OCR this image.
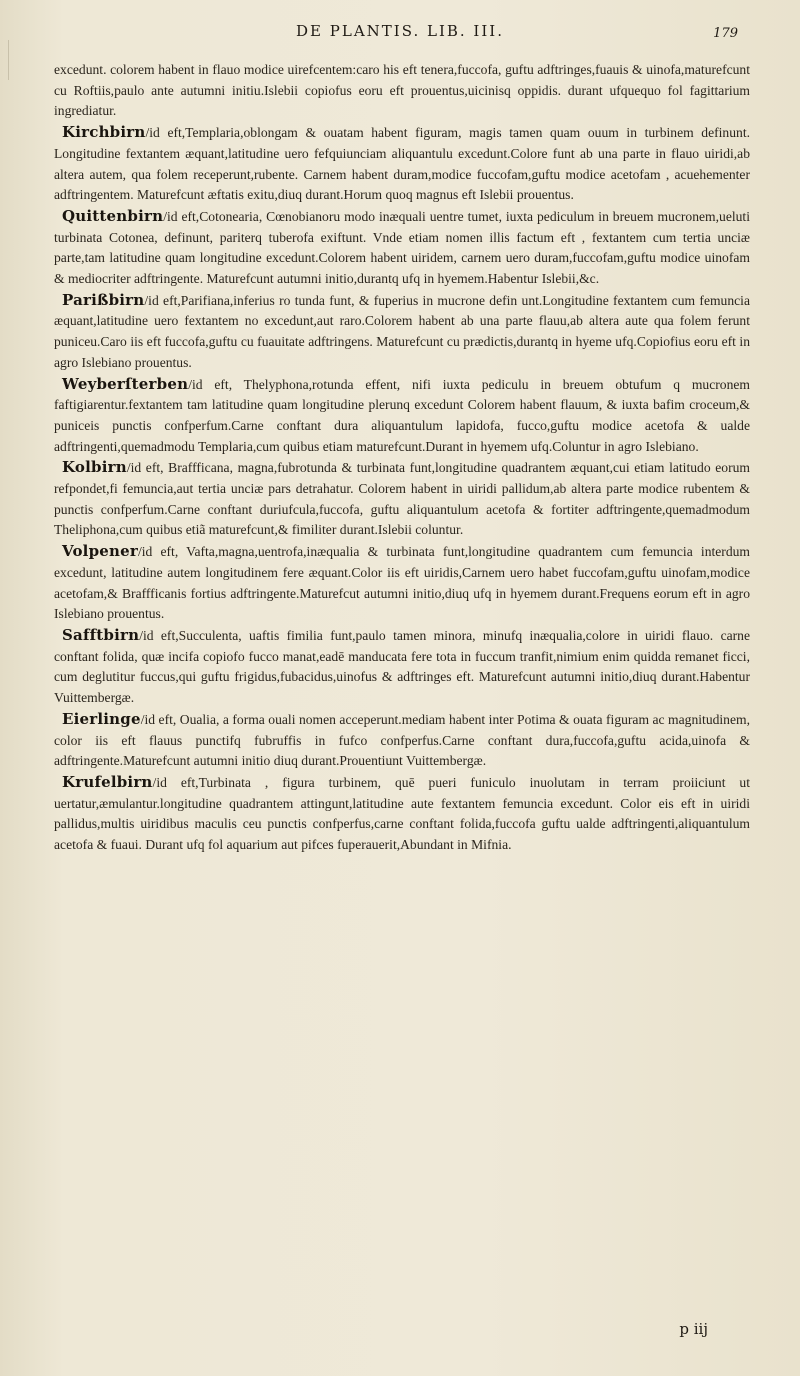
DE PLANTIS. LIB. III.	179

excedunt. colorem habent in flauo modice uirefcentem:caro his eft tenera,fuccofa, guftu adftringes,fuauis & uinofa,maturefcunt cu Roftiis,paulo ante autumni initiu.Islebii copiofus eoru eft prouentus,uicinisq oppidis. durant ufquequo fol fagittarium ingrediatur.

Kirchbirn/id eft,Templaria,oblongam & ouatam habent figuram, magis tamen quam ouum in turbinem definunt. Longitudine fextantem æquant,latitudine uero fefquiunciam aliquantulu excedunt.Colore funt ab una parte in flauo uiridi,ab altera autem, qua folem receperunt,rubente. Carnem habent duram,modice fuccofam,guftu modice acetofam , acuehementer adftringentem. Maturefcunt æftatis exitu,diuq durant.Horum quoq magnus eft Islebii prouentus.

Quittenbirn/id eft,Cotonearia, Cœnobianoru modo inæquali uentre tumet, iuxta pediculum in breuem mucronem,ueluti turbinata Cotonea, definunt, pariterq tuberofa exiftunt. Vnde etiam nomen illis factum eft , fextantem cum tertia unciæ parte,tam latitudine quam longitudine excedunt.Colorem habent uiridem, carnem uero duram,fuccofam,guftu modice uinofam & mediocriter adftringente. Maturefcunt autumni initio,durantq ufq in hyemem.Habentur Islebii,&c.

Parißbirn/id eft,Parifiana,inferius ro tunda funt, & fuperius in mucrone defin unt.Longitudine fextantem cum femuncia æquant,latitudine uero fextantem no excedunt,aut raro.Colorem habent ab una parte flauu,ab altera aute qua folem ferunt puniceu.Caro iis eft fuccofa,guftu cu fuauitate adftringens. Maturefcunt cu prædictis,durantq in hyeme ufq.Copiofius eoru eft in agro Islebiano prouentus.

Weyberſterben/id eft, Thelyphona,rotunda effent, nifi iuxta pediculu in breuem obtufum q mucronem faftigiarentur.fextantem tam latitudine quam longitudine plerunq excedunt Colorem habent flauum, & iuxta bafim croceum,& puniceis punctis confperfum.Carne conftant dura aliquantulum lapidofa, fucco,guftu modice acetofa & ualde adftringenti,quemadmodu Templaria,cum quibus etiam maturefcunt.Durant in hyemem ufq.Coluntur in agro Islebiano.

Kolbirn/id eft, Braffficana, magna,fubrotunda & turbinata funt,longitudine quadrantem æquant,cui etiam latitudo eorum refpondet,fi femuncia,aut tertia unciæ pars detrahatur. Colorem habent in uiridi pallidum,ab altera parte modice rubentem & punctis confperfum.Carne conftant duriufcula,fuccofa, guftu aliquantulum acetofa & fortiter adftringente,quemadmodum Theliphona,cum quibus etiã maturefcunt,& fimiliter durant.Islebii coluntur.

Volpener/id eft, Vafta,magna,uentrofa,inæqualia & turbinata funt,longitudine quadrantem cum femuncia interdum excedunt, latitudine autem longitudinem fere æquant.Color iis eft uiridis,Carnem uero habet fuccofam,guftu uinofam,modice acetofam,& Braffficanis fortius adftringente.Maturefcut autumni initio,diuq ufq in hyemem durant.Frequens eorum eft in agro Islebiano prouentus.

Safftbirn/id eft,Succulenta, uaftis fimilia funt,paulo tamen minora, minufq inæqualia,colore in uiridi flauo. carne conftant folida, quæ incifa copiofo fucco manat,eadē manducata fere tota in fuccum tranfit,nimium enim quidda remanet ficci, cum deglutitur fuccus,qui guftu frigidus,fubacidus,uinofus & adftringes eft. Maturefcunt autumni initio,diuq durant.Habentur Vuittembergæ.

Eierlinge/id eft, Oualia, a forma ouali nomen acceperunt.mediam habent inter Potima & ouata figuram ac magnitudinem, color iis eft flauus punctifq fubruffis in fufco confperfus.Carne conftant dura,fuccofa,guftu acida,uinofa & adftringente.Maturefcunt autumni initio diuq durant.Prouentiunt Vuittembergæ.

Krufelbirn/id eft,Turbinata , figura turbinem, quē pueri funiculo inuolutam in terram proiiciunt ut uertatur,æmulantur.longitudine quadrantem attingunt,latitudine aute fextantem femuncia excedunt. Color eis eft in uiridi pallidus,multis uiridibus maculis ceu punctis confperfus,carne conftant folida,fuccofa guftu ualde adftringenti,aliquantulum acetofa & fuaui. Durant ufq fol aquarium aut pifces fuperauerit,Abundant in Mifnia.

p iij
